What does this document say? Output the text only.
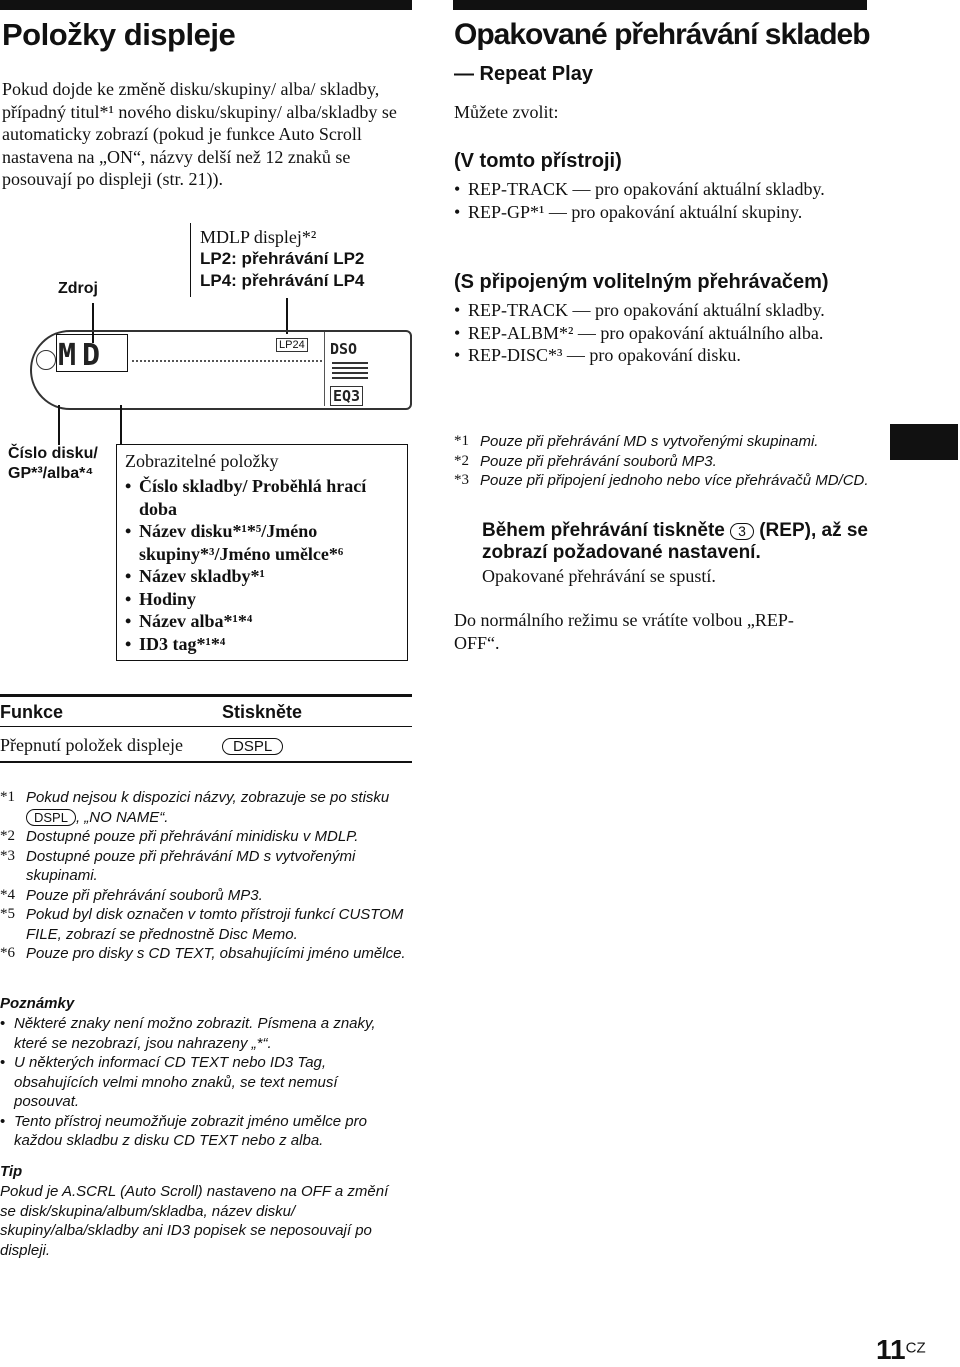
Položky displeje
Pokud dojde ke změně disku/skupiny/ alba/ skladby, případný titul*¹ nového disku/skupiny/ alba/skladby se automaticky zobrazí (pokud je funkce Auto Scroll nastavena na „ON“, názvy delší než 12 znaků se posouvají po displeji (str. 21)).
Zdroj
MDLP displej*²
LP2: přehrávání LP2
LP4: přehrávání LP4
MD	LP24 DSO
EQ3
Číslo disku/
GP*³/alba*⁴
Zobrazitelné položky
• Číslo skladby/ Proběhlá hrací doba
• Název disku*¹*⁵/Jméno skupiny*³/Jméno umělce*⁶
• Název skladby*¹
• Hodiny
• Název alba*¹*⁴
• ID3 tag*¹*⁴
Funkce	Stiskněte
Přepnutí položek displeje	DSPL
*1 Pokud nejsou k dispozici názvy, zobrazuje se po stisku
DSPL , „NO NAME“.
*2 Dostupné pouze při přehrávání minidisku v MDLP.
*3 Dostupné pouze při přehrávání MD s vytvořenými skupinami.
*4 Pouze při přehrávání souborů MP3.
*5 Pokud byl disk označen v tomto přístroji funkcí CUSTOM FILE, zobrazí se přednostně Disc Memo.
*6 Pouze pro disky s CD TEXT, obsahujícími jméno umělce.
Poznámky
• Některé znaky není možno zobrazit. Písmena a znaky, které se nezobrazí, jsou nahrazeny „*“.
• U některých informací CD TEXT nebo ID3 Tag, obsahujících velmi mnoho znaků, se text nemusí posouvat.
• Tento přístroj neumožňuje zobrazit jméno umělce pro každou skladbu z disku CD TEXT nebo z alba.
Tip
Pokud je A.SCRL (Auto Scroll) nastaveno na OFF a změní se disk/skupina/album/skladba, název disku/ skupiny/alba/skladby ani ID3 popisek se neposouvají po displeji.
Opakované přehrávání skladeb
— Repeat Play
Můžete zvolit:
(V tomto přístroji)
• REP-TRACK — pro opakování aktuální skladby.
• REP-GP*¹ — pro opakování aktuální skupiny.
(S připojeným volitelným přehrávačem)
• REP-TRACK — pro opakování aktuální skladby.
• REP-ALBM*² — pro opakování aktuálního alba.
• REP-DISC*³ — pro opakování disku.
*1 Pouze při přehrávání MD s vytvořenými skupinami.
*2 Pouze při přehrávání souborů MP3.
*3 Pouze při připojení jednoho nebo více přehrávačů MD/CD.
Během přehrávání tiskněte 3 (REP), až se zobrazí požadované nastavení.
Opakované přehrávání se spustí.
Do normálního režimu se vrátíte volbou „REP-OFF“.
$11^{CZ}$
